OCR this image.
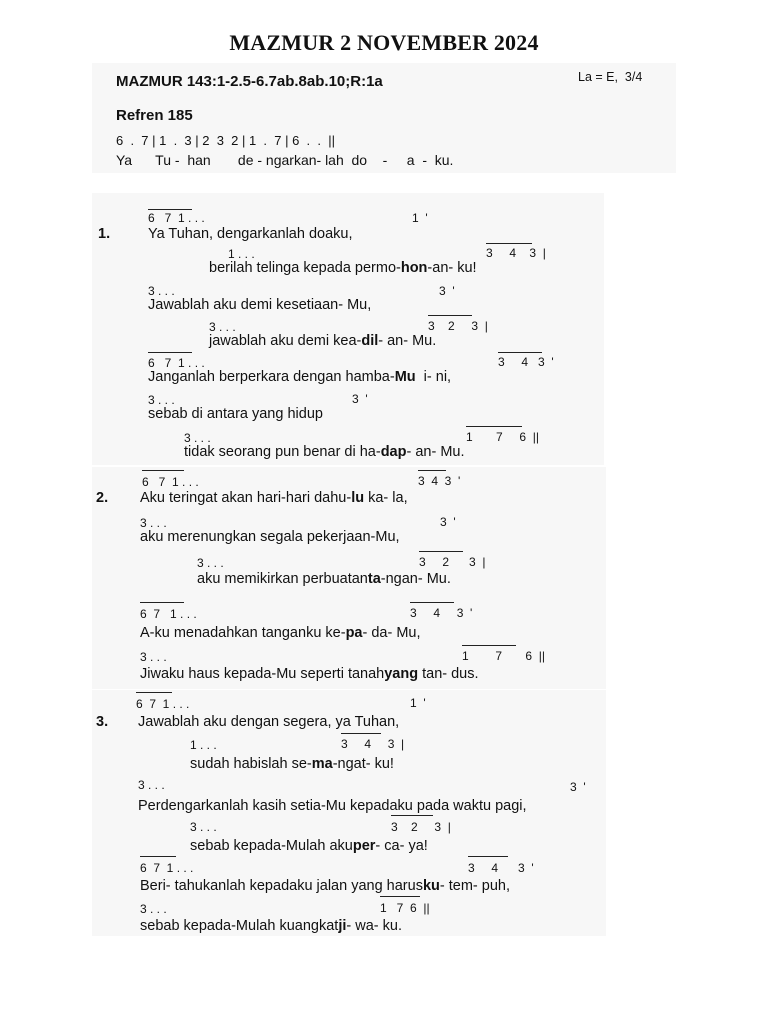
MAZMUR 2 NOVEMBER 2024
MAZMUR 143:1-2.5-6.7ab.8ab.10;R:1a	La = E,  3/4
Refren 185
6  .  7 | 1  .  3 | 2  3  2 | 1  .  7 | 6  .  .  ||
Ya      Tu -  han       de - ngarkan- lah  do    -     a  -  ku.
6   7  1 . . .	1  '
1.	Ya Tuhan, dengarkanlah doaku,
1 . . .	3     4    3  |
berilah telinga kepada permo-hon-an- ku!
3 . . .	3  '
Jawablah aku demi kesetiaan- Mu,
3 . . .	3    2     3  |
jawablah aku demi kea-dil- an- Mu.
6   7  1 . . .	3     4   3  '
Janganlah berperkara dengan hamba-Mu  i- ni,
3 . . .	3  '
sebab di antara yang hidup
3 . . .	1       7     6  ||
tidak seorang pun benar di ha-dap- an- Mu.
6   7  1 . . .	3  4  3  '
2. Aku teringat akan hari-hari dahu-lu ka- la,
3 . . .	3  '
aku merenungkan segala pekerjaan-Mu,
3 . . .	3     2      3  |
aku memikirkan perbuatanta-ngan- Mu.
6  7   1 . . .	3     4     3  '
A-ku menadahkan tanganku ke-pa- da- Mu,
3 . . .	1        7       6  ||
Jiwaku haus kepada-Mu seperti tanahyang tan- dus.
6  7  1 . . .	1  '
3. Jawablah aku dengan segera, ya Tuhan,
1 . . .	3     4     3  |
sudah habislah se-ma-ngat- ku!
3 . . .	3  '
Perdengarkanlah kasih setia-Mu kepadaku pada waktu pagi,
3 . . .	3    2     3  |
sebab kepada-Mulah akuper- ca- ya!
6  7  1 . . .	3     4      3  '
Beri- tahukanlah kepadaku jalan yang harusku- tem- puh,
3 . . .	1   7  6  ||
sebab kepada-Mulah kuangkatji- wa- ku.
